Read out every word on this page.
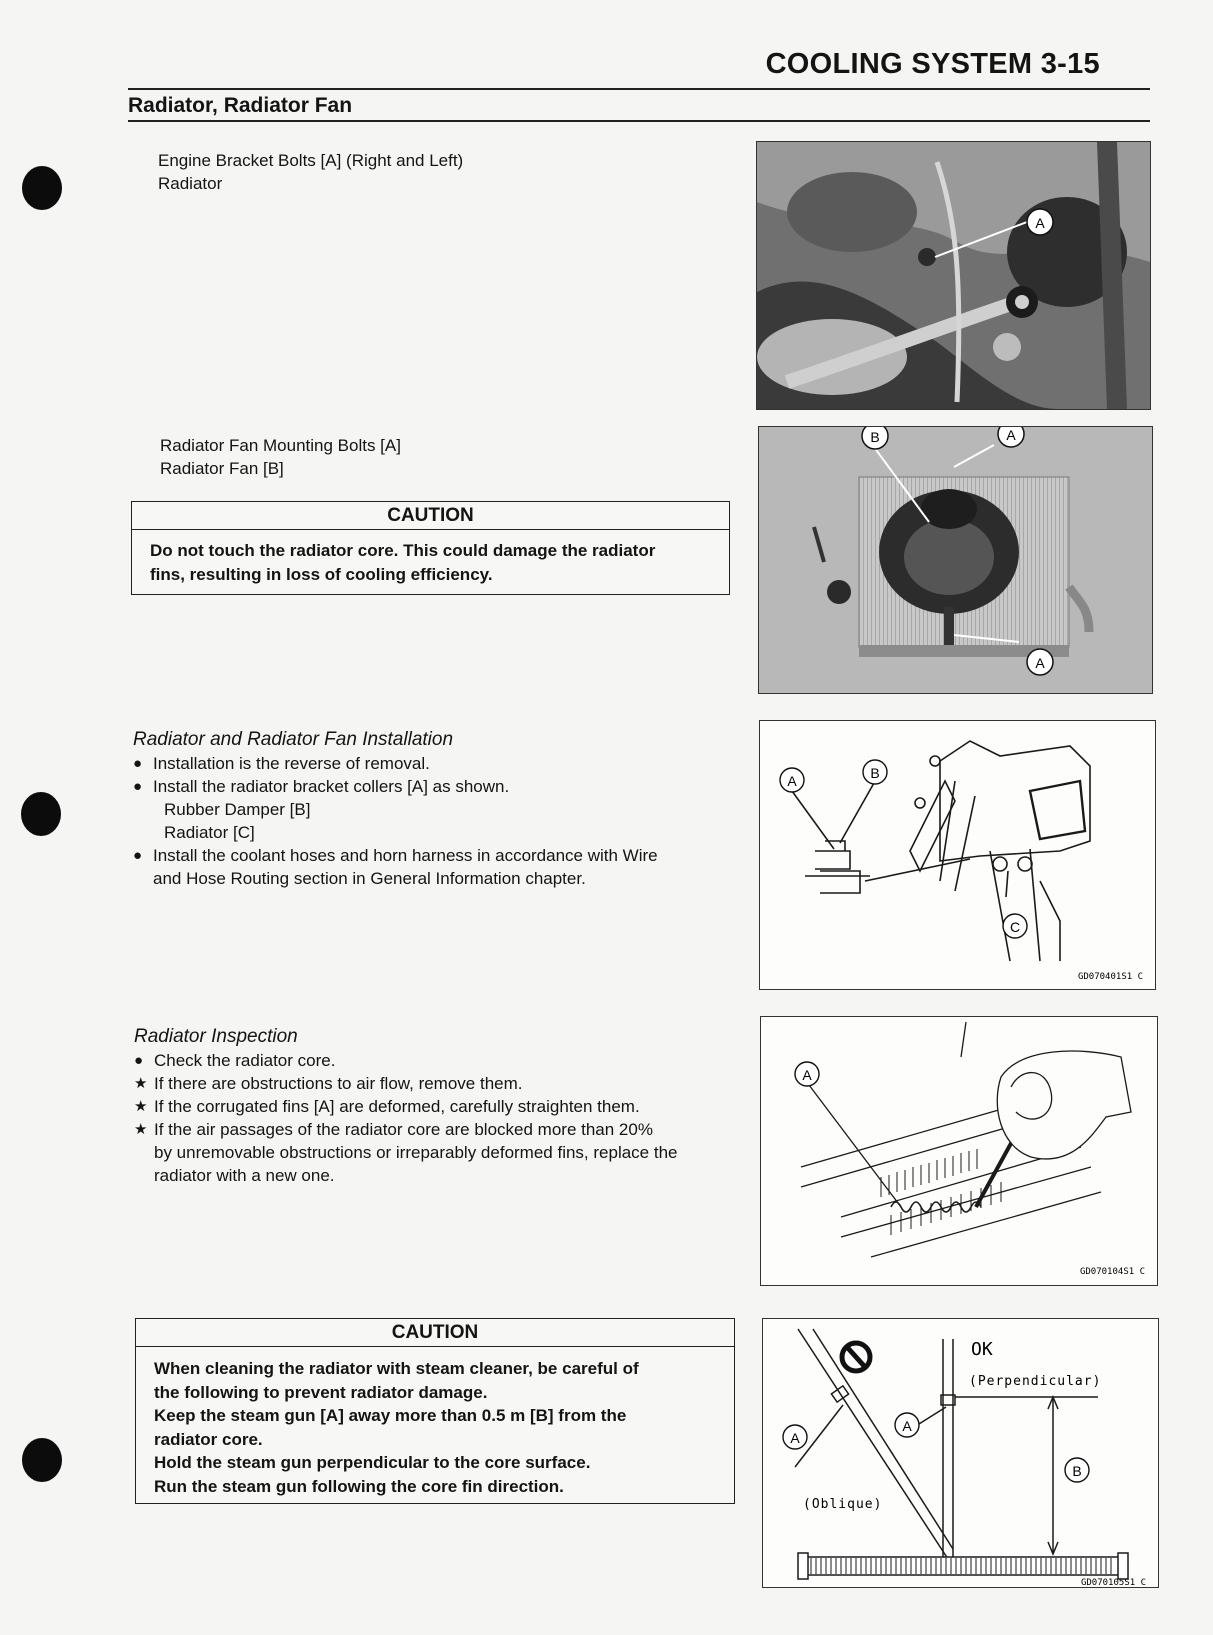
COOLING SYSTEM 3-15
Radiator, Radiator Fan
Engine Bracket Bolts [A] (Right and Left)
Radiator
Radiator Fan Mounting Bolts [A]
Radiator Fan [B]
CAUTION
Do not touch the radiator core. This could damage the radiator
fins, resulting in loss of cooling efficiency.
Radiator and Radiator Fan Installation
● Installation is the reverse of removal.
● Install the radiator bracket collers [A] as shown.
Rubber Damper [B]
Radiator [C]
● Install the coolant hoses and horn harness in accordance with Wire
and Hose Routing section in General Information chapter.
Radiator Inspection
● Check the radiator core.
★ If there are obstructions to air flow, remove them.
★ If the corrugated fins [A] are deformed, carefully straighten them.
★ If the air passages of the radiator core are blocked more than 20%
by unremovable obstructions or irreparably deformed fins, replace the
radiator with a new one.
CAUTION
When cleaning the radiator with steam cleaner, be careful of
the following to prevent radiator damage.
Keep the steam gun [A] away more than 0.5 m [B] from the
radiator core.
Hold the steam gun perpendicular to the core surface.
Run the steam gun following the core fin direction.
A
B	A
A
A	B
C
GD070401S1 C
A
GD070104S1 C
OK
(Perpendicular)
(Oblique)
A
A
B
GD070105S1 C
